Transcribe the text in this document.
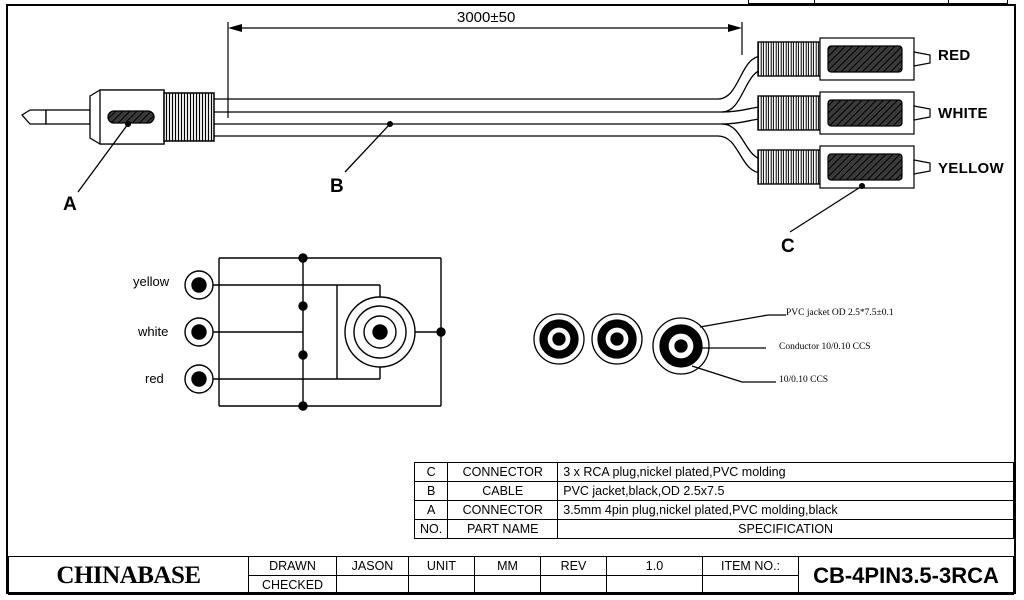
3000±50
RED
WHITE
YELLOW
A
B
C
yellow
white
red
PVC jacket OD 2.5*7.5±0.1
Conductor 10/0.10 CCS
10/0.10 CCS
C	CONNECTOR	3 x RCA plug,nickel plated,PVC molding
B	CABLE	PVC jacket,black,OD 2.5x7.5
A	CONNECTOR	3.5mm 4pin plug,nickel plated,PVC molding,black
NO.	PART NAME	SPECIFICATION
CHINABASE	DRAWN	JASON	UNIT	MM	REV	1.0	ITEM NO.:	CB-4PIN3.5-3RCA
	CHECKED							
